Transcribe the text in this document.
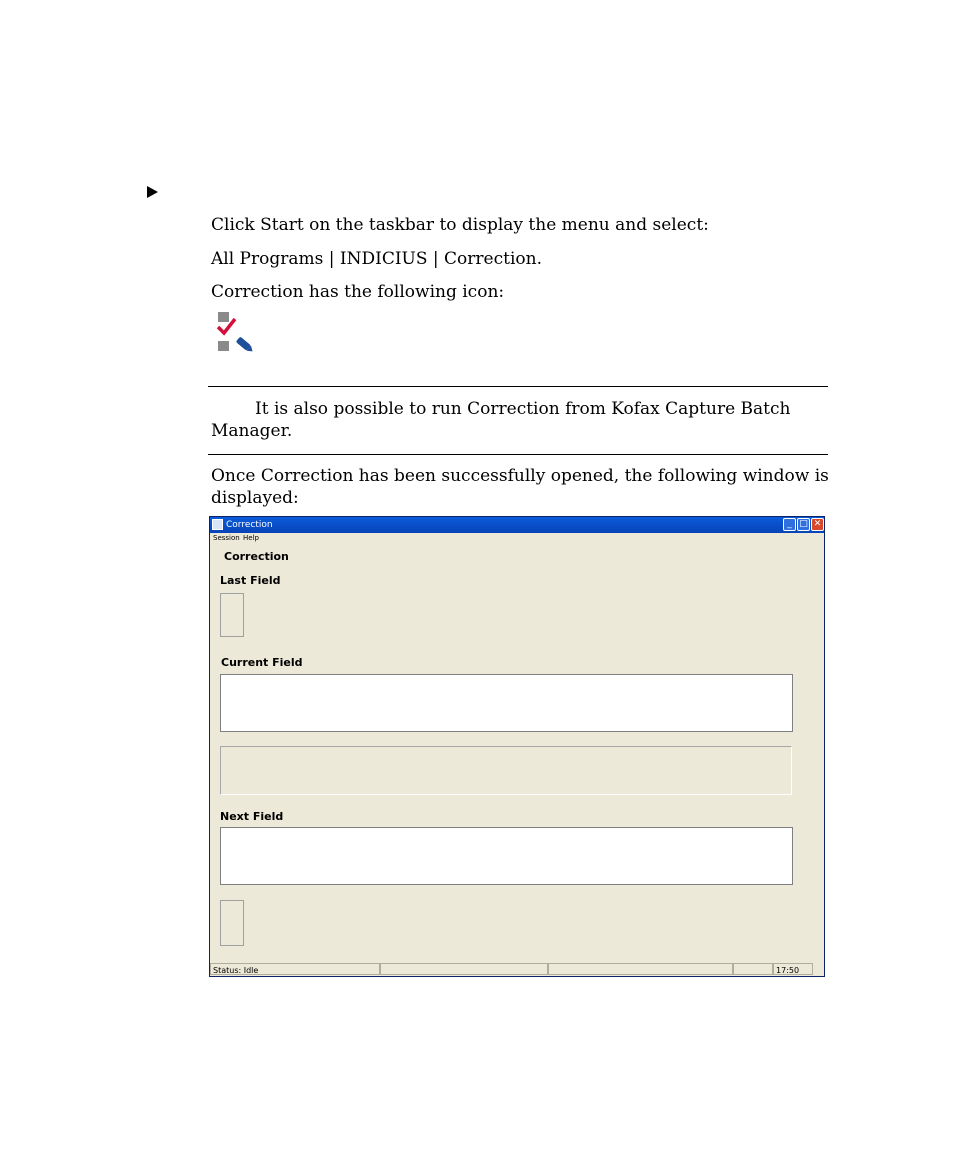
Click Start on the taskbar to display the menu and select:
All Programs | INDICIUS | Correction.
Correction has the following icon:
It is also possible to run Correction from Kofax Capture Batch
Manager.
Once Correction has been successfully opened, the following window is
displayed:
Correction	_ □ ✕
Session Help
Correction
Last Field
Current Field
Next Field
Status: Idle	17:50
